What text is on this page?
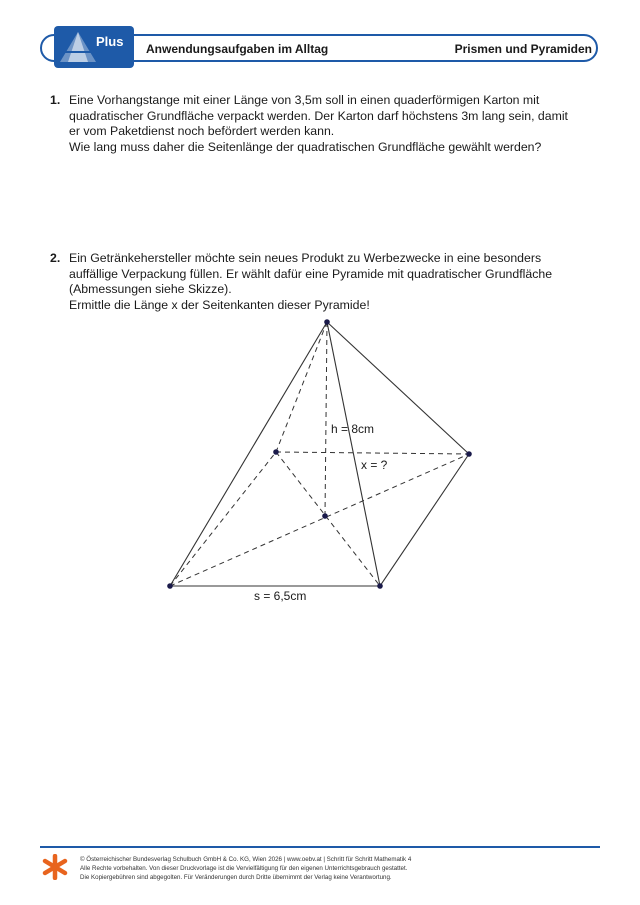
Plus Anwendungsaufgaben im Alltag	Prismen und Pyramiden
1. Eine Vorhangstange mit einer Länge von 3,5m soll in einen quaderförmigen Karton mit
quadratischer Grundfläche verpackt werden. Der Karton darf höchstens 3m lang sein, damit
er vom Paketdienst noch befördert werden kann.
Wie lang muss daher die Seitenlänge der quadratischen Grundfläche gewählt werden?
2. Ein Getränkehersteller möchte sein neues Produkt zu Werbezwecke in eine besonders
auffällige Verpackung füllen. Er wählt dafür eine Pyramide mit quadratischer Grundfläche
(Abmessungen siehe Skizze).
Ermittle die Länge x der Seitenkanten dieser Pyramide!
h = 8cm
x = ?
s = 6,5cm
© Österreichischer Bundesverlag Schulbuch GmbH & Co. KG, Wien 2026 | www.oebv.at | Schritt für Schritt Mathematik 4
Alle Rechte vorbehalten. Von dieser Druckvorlage ist die Vervielfältigung für den eigenen Unterrichtsgebrauch gestattet.
Die Kopiergebühren sind abgegolten. Für Veränderungen durch Dritte übernimmt der Verlag keine Verantwortung.
